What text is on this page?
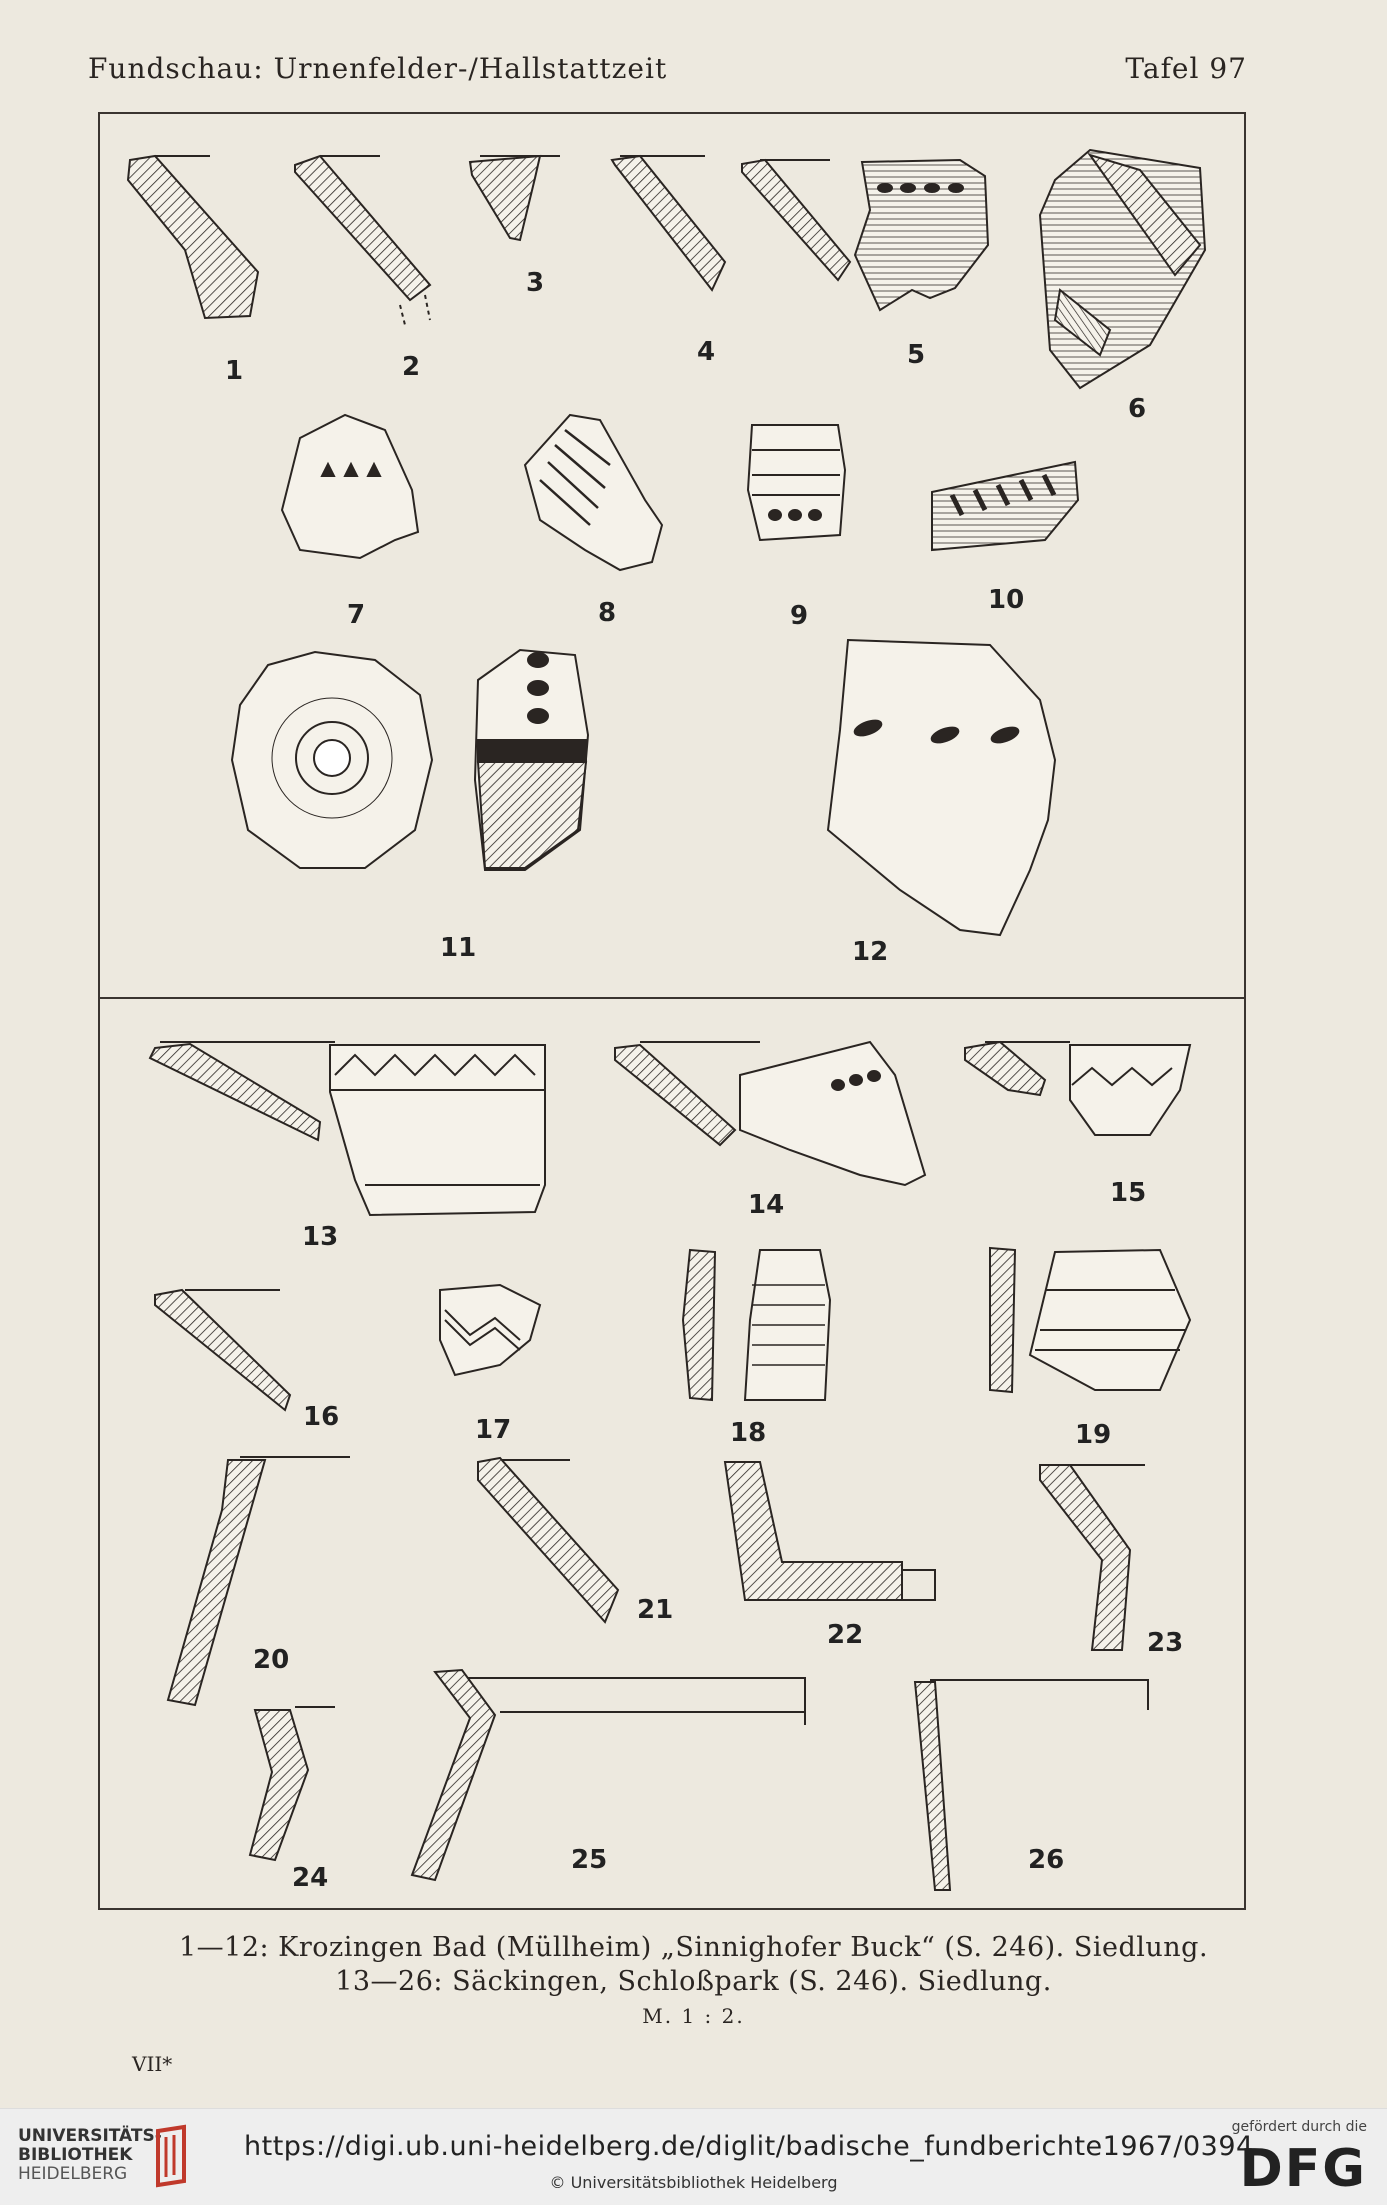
Fundschau: Urnenfelder-/Hallstattzeit	Tafel 97
1	2
3
4	5
6
7	8	9
10
11	12
13
14	15
16	17	18	19
20
21
22	23
24
25	26
1—12: Krozingen Bad (Müllheim) „Sinnighofer Buck“ (S. 246). Siedlung.
13—26: Säckingen, Schloßpark (S. 246). Siedlung.
M. 1 : 2.
VII*
UNIVERSITÄTS-
BIBLIOTHEK
HEIDELBERG
https://digi.ub.uni-heidelberg.de/diglit/badische_fundberichte1967/0394
© Universitätsbibliothek Heidelberg
gefördert durch die
DFG
